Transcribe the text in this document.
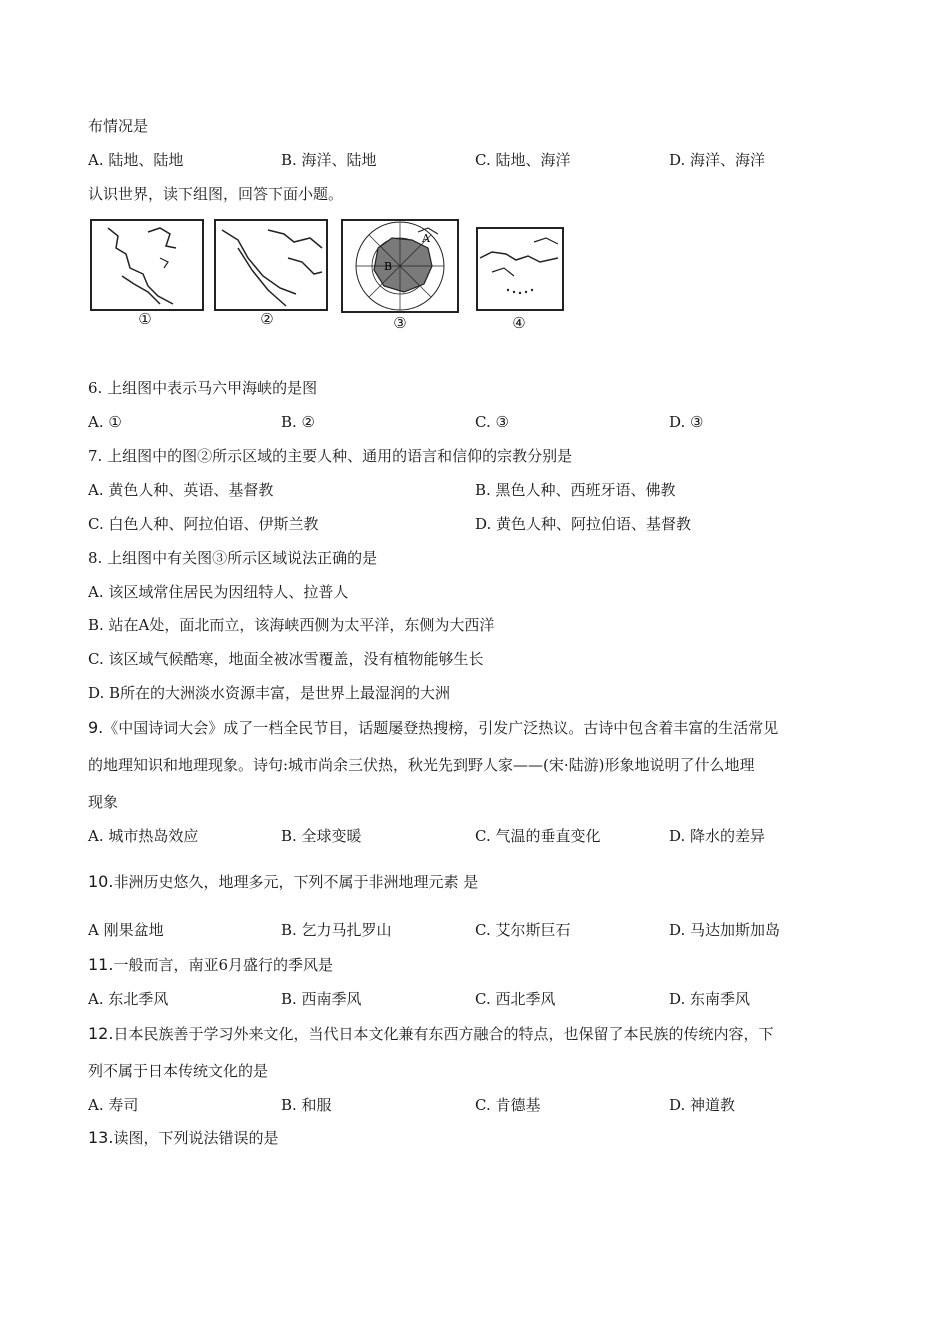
布情况是
A. 陆地、陆地	B. 海洋、陆地	C. 陆地、海洋	D. 海洋、海洋
认识世界，读下组图，回答下面小题。
A
B
①	②	③	④
6. 上组图中表示马六甲海峡的是图
A. ①	B. ②	C. ③	D. ③
7. 上组图中的图②所示区域的主要人种、通用的语言和信仰的宗教分别是
A. 黄色人种、英语、基督教	B. 黑色人种、西班牙语、佛教
C. 白色人种、阿拉伯语、伊斯兰教	D. 黄色人种、阿拉伯语、基督教
8. 上组图中有关图③所示区域说法正确的是
A. 该区域常住居民为因纽特人、拉普人
B. 站在A处，面北而立，该海峡西侧为太平洋，东侧为大西洋
C. 该区域气候酷寒，地面全被冰雪覆盖，没有植物能够生长
D. B所在的大洲淡水资源丰富，是世界上最湿润的大洲
9.《中国诗词大会》成了一档全民节目，话题屡登热搜榜，引发广泛热议。古诗中包含着丰富的生活常见
的地理知识和地理现象。诗句:城市尚余三伏热，秋光先到野人家——(宋·陆游)形象地说明了什么地理
现象
A. 城市热岛效应	B. 全球变暖	C. 气温的垂直变化	D. 降水的差异
10.非洲历史悠久，地理多元，下列不属于非洲地理元素 是
A 刚果盆地	B. 乞力马扎罗山	C. 艾尔斯巨石	D. 马达加斯加岛
11.一般而言，南亚6月盛行的季风是
A. 东北季风	B. 西南季风	C. 西北季风	D. 东南季风
12.日本民族善于学习外来文化，当代日本文化兼有东西方融合的特点，也保留了本民族的传统内容，下
列不属于日本传统文化的是
A. 寿司	B. 和服	C. 肯德基	D. 神道教
13.读图，下列说法错误的是
